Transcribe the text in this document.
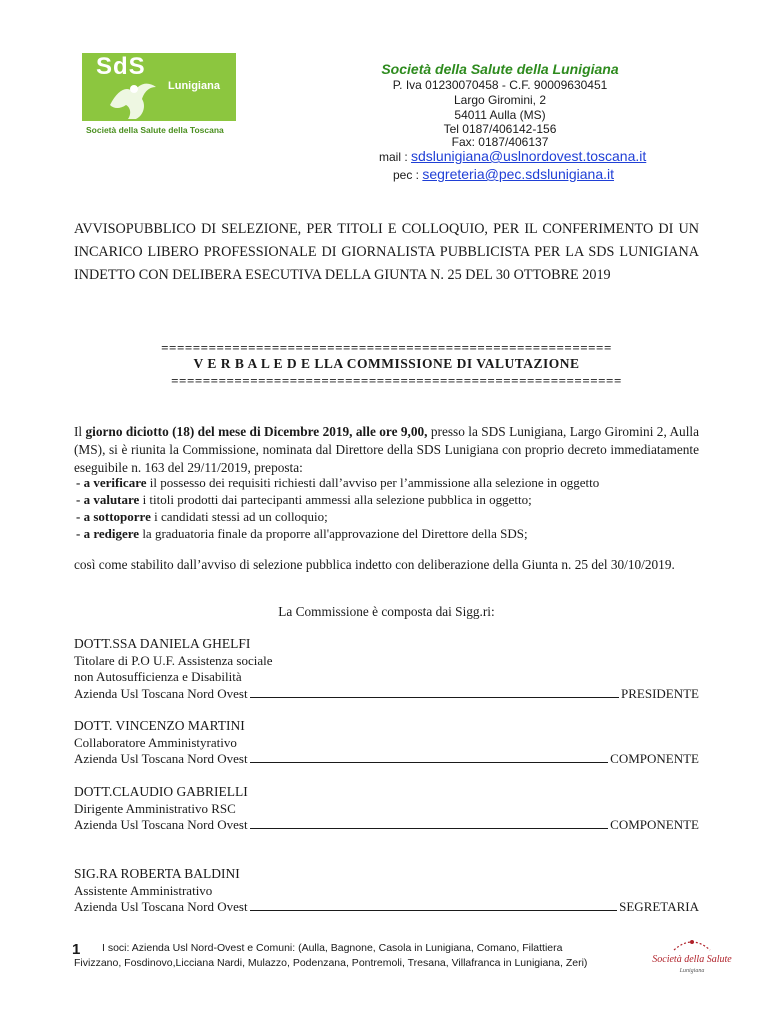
SdS
Lunigiana
Società della Salute della Toscana
Società della Salute della Lunigiana
P. Iva 01230070458 - C.F. 90009630451
Largo Giromini, 2
54011 Aulla (MS)
Tel 0187/406142-156
Fax: 0187/406137
mail : sdslunigiana@uslnordovest.toscana.it
pec : segreteria@pec.sdslunigiana.it
AVVISOPUBBLICO DI SELEZIONE, PER TITOLI E COLLOQUIO, PER IL CONFERIMENTO DI UN INCARICO LIBERO PROFESSIONALE DI GIORNALISTA PUBBLICISTA PER LA SDS LUNIGIANA INDETTO CON DELIBERA ESECUTIVA DELLA GIUNTA N. 25 DEL 30 OTTOBRE 2019
=========================================================
V E R B A L E D E LLA COMMISSIONE DI VALUTAZIONE
=========================================================
Il giorno diciotto (18) del mese di Dicembre 2019, alle ore 9,00, presso la SDS Lunigiana, Largo Giromini 2, Aulla (MS), si è riunita la Commissione, nominata dal Direttore della SDS Lunigiana con proprio decreto immediatamente eseguibile n. 163 del 29/11/2019, preposta:
- a verificare il possesso dei requisiti richiesti dall’avviso per l’ammissione alla selezione in oggetto
- a valutare i titoli prodotti dai partecipanti ammessi alla selezione pubblica in oggetto;
- a sottoporre i candidati stessi ad un colloquio;
- a redigere la graduatoria finale da proporre all'approvazione del Direttore della SDS;
così come stabilito dall’avviso di selezione pubblica indetto con deliberazione della Giunta n. 25 del 30/10/2019.
La Commissione è composta dai Sigg.ri:
DOTT.SSA DANIELA GHELFI
Titolare di P.O U.F. Assistenza sociale
non Autosufficienza e Disabilità
Azienda Usl Toscana Nord Ovest	PRESIDENTE
DOTT. VINCENZO MARTINI
Collaboratore Amministyrativo
Azienda Usl Toscana Nord Ovest	COMPONENTE
DOTT.CLAUDIO GABRIELLI
Dirigente Amministrativo RSC
Azienda Usl Toscana Nord Ovest	COMPONENTE
SIG.RA ROBERTA BALDINI
Assistente Amministrativo
Azienda Usl Toscana Nord Ovest	SEGRETARIA
1	I soci: Azienda Usl Nord-Ovest e Comuni: (Aulla, Bagnone, Casola in Lunigiana, Comano, Filattiera
Fivizzano, Fosdinovo,Licciana Nardi, Mulazzo, Podenzana, Pontremoli, Tresana, Villafranca in Lunigiana, Zeri)	Società della Salute
Lunigiana
